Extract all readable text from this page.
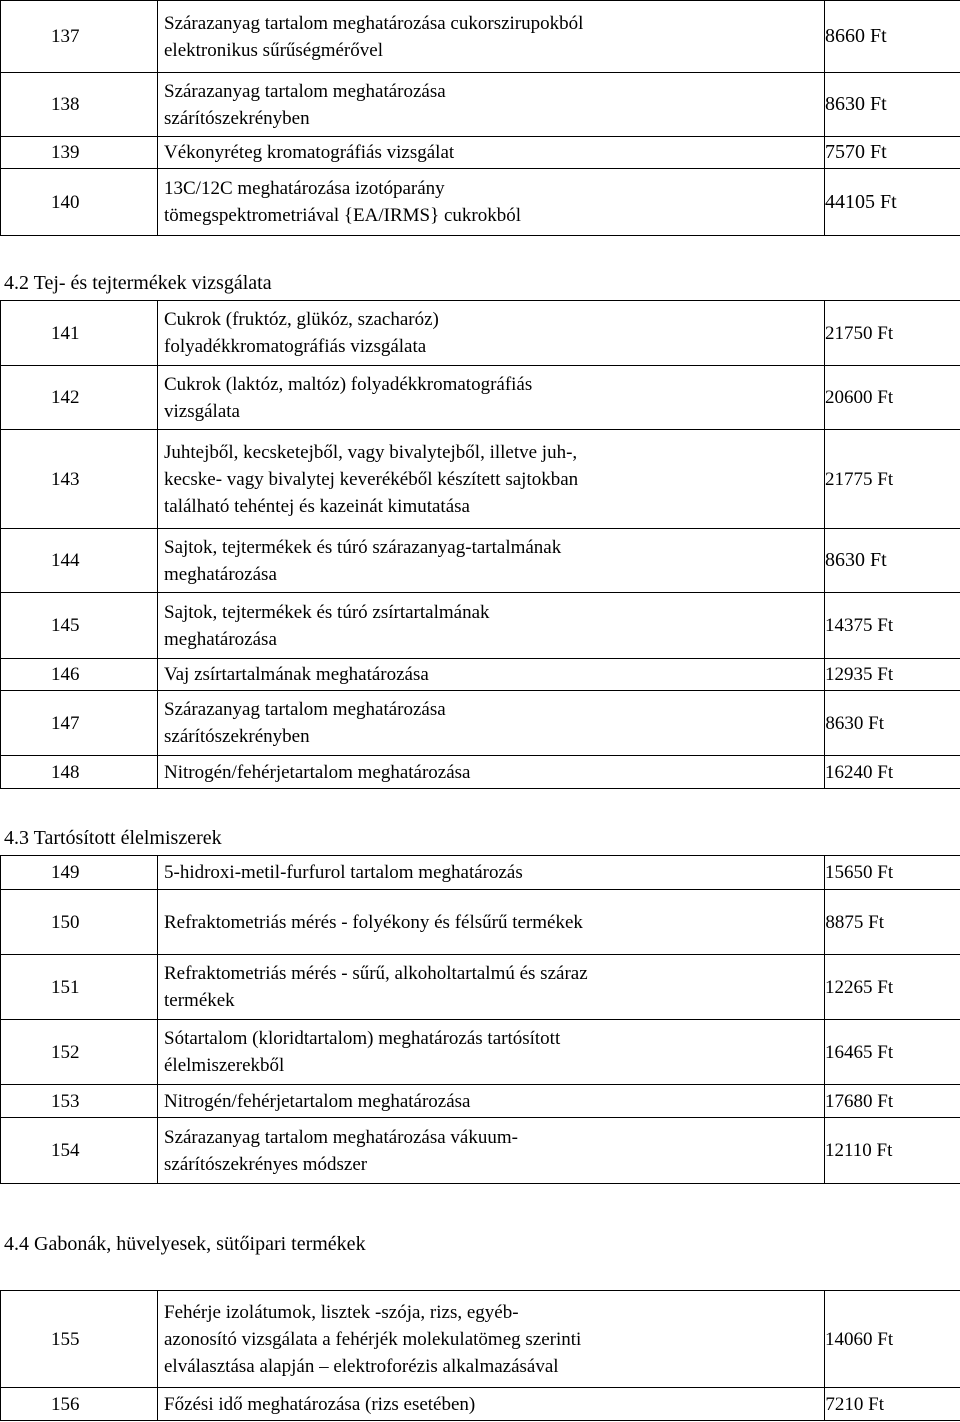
137	Szárazanyag tartalom meghatározása cukorszirupokból
elektronikus sűrűségmérővel	8660 Ft
138	Szárazanyag tartalom meghatározása
szárítószekrényben	8630 Ft
139	Vékonyréteg kromatográfiás vizsgálat	7570 Ft
140	13C/12C meghatározása izotóparány
tömegspektrometriával {EA/IRMS} cukrokból	44105 Ft
4.2 Tej- és tejtermékek vizsgálata
141	Cukrok (fruktóz, glükóz, szacharóz)
folyadékkromatográfiás vizsgálata	21750 Ft
142	Cukrok (laktóz, maltóz) folyadékkromatográfiás
vizsgálata	20600 Ft
143	Juhtejből, kecsketejből, vagy bivalytejből, illetve juh-,
kecske- vagy bivalytej keverékéből készített sajtokban
található tehéntej és kazeinát kimutatása	21775 Ft
144	Sajtok, tejtermékek és túró szárazanyag-tartalmának
meghatározása	8630 Ft
145	Sajtok, tejtermékek és túró zsírtartalmának
meghatározása	14375 Ft
146	Vaj zsírtartalmának meghatározása	12935 Ft
147	Szárazanyag tartalom meghatározása
szárítószekrényben	8630 Ft
148	Nitrogén/fehérjetartalom meghatározása	16240 Ft
4.3 Tartósított élelmiszerek
149	5-hidroxi-metil-furfurol tartalom meghatározás	15650 Ft
150	Refraktometriás mérés - folyékony és félsűrű termékek	8875 Ft
151	Refraktometriás mérés - sűrű, alkoholtartalmú és száraz
termékek	12265 Ft
152	Sótartalom (kloridtartalom) meghatározás tartósított
élelmiszerekből	16465 Ft
153	Nitrogén/fehérjetartalom meghatározása	17680 Ft
154	Szárazanyag tartalom meghatározása vákuum-
szárítószekrényes módszer	12110 Ft
4.4 Gabonák, hüvelyesek, sütőipari termékek
155	Fehérje izolátumok, lisztek -szója, rizs, egyéb-
azonosító vizsgálata a fehérjék molekulatömeg szerinti
elválasztása alapján – elektroforézis alkalmazásával	14060 Ft
156	Főzési idő meghatározása (rizs esetében)	7210 Ft
